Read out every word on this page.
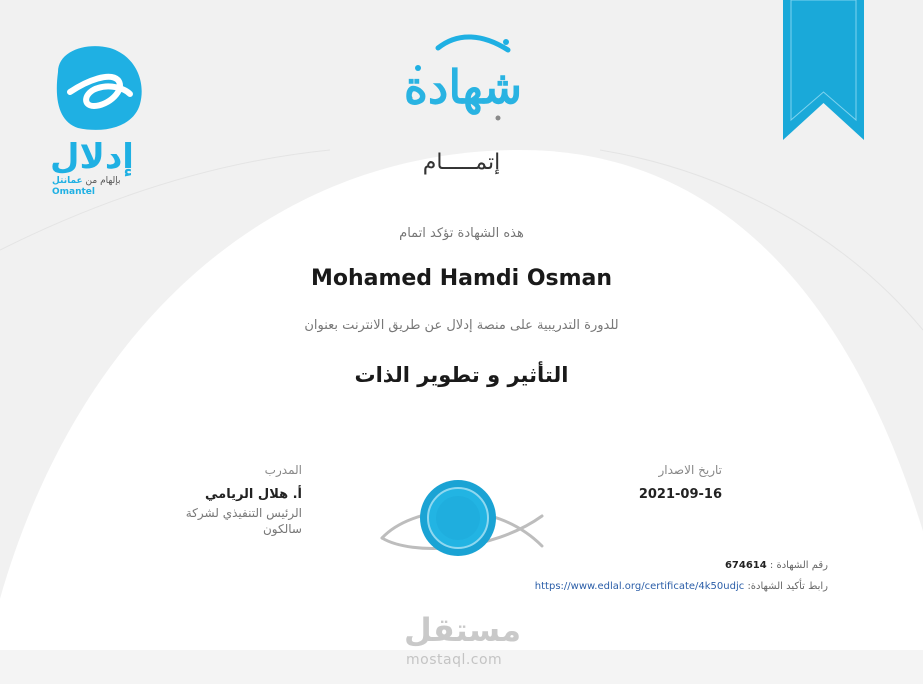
إدلال
بإلهام من عمانتل
Omantel
شهادة
إتمـــــام
هذه الشهادة تؤكد اتمام
Mohamed Hamdi Osman
للدورة التدريبية على منصة إدلال عن طريق الانترنت بعنوان
التأثير و تطوير الذات
المدرب
أ. هلال الريامي
الرئيس التنفيذي لشركة سالكون
تاريخ الاصدار
2021-09-16
رقم الشهادة : 674614
رابط تأكيد الشهادة: https://www.edlal.org/certificate/4k50udjc
مستقل
mostaql.com
